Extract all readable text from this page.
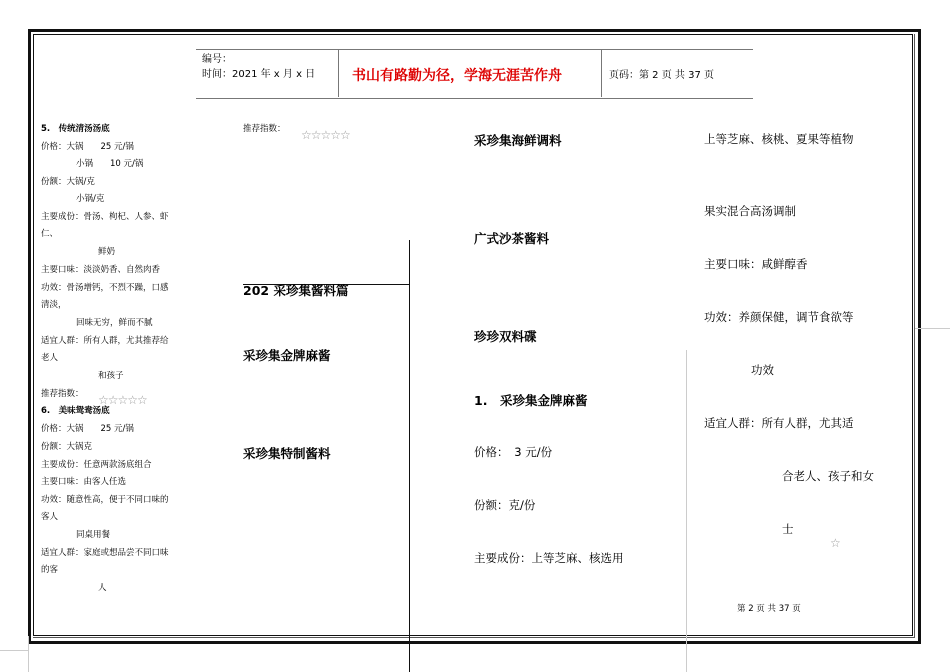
编号：
时间：2021 年 x 月 x 日	书山有路勤为径，学海无涯苦作舟	页码：第 2 页 共 37 页
5.　传统清汤汤底
价格：大锅　　25 元/锅
小锅　　10 元/锅
份额：大锅/克
小锅/克
主要成份：骨汤、枸杞、人参、虾
仁、
鲜奶
主要口味：淡淡奶香、自然肉香
功效：骨汤增钙，不烈不躁，口感
清淡，
回味无穷，鲜而不腻
适宜人群：所有人群，尤其推荐给
老人
和孩子
推荐指数： ☆☆☆☆☆
6.　美味鸳鸯汤底
价格：大锅　　25 元/锅
份额：大锅克
主要成份：任意两款汤底组合
主要口味：由客人任选
功效：随意性高，便于不同口味的
客人
同桌用餐
适宜人群：家庭或想品尝不同口味
的客
人
推荐指数： ☆☆☆☆☆
202 采珍集酱料篇
采珍集金牌麻酱
采珍集特制酱料
采珍集海鲜调料
广式沙茶酱料
珍珍双料碟
1.　采珍集金牌麻酱
价格：　3 元/份
份额：克/份
主要成份：上等芝麻、核选用
上等芝麻、核桃、夏果等植物
果实混合高汤调制
主要口味：咸鲜醇香
功效：养颜保健，调节食欲等
功效
适宜人群：所有人群，尤其适
合老人、孩子和女
士
☆
第 2 页 共 37 页
